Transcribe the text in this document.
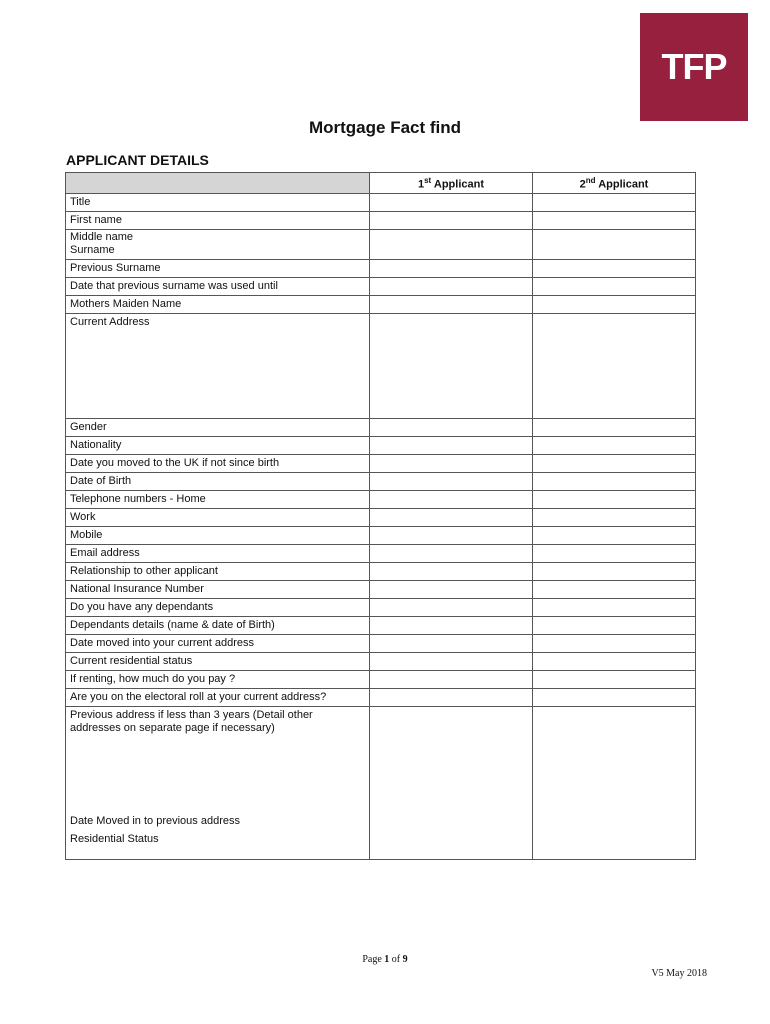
TFP
Mortgage Fact find
APPLICANT DETAILS
	1st Applicant	2nd Applicant
Title		
First name		

Middle name
Surname		

Previous Surname		
Date that previous surname was used until		
Mothers Maiden Name		
Current Address		
Gender		
Nationality		
Date you moved to the UK if not since birth		
Date of Birth		
Telephone numbers - Home		
Work		
Mobile		
Email address		
Relationship to other applicant		
National Insurance Number		
Do you have any dependants		
Dependants details (name & date of Birth)		
Date moved into your current address		
Current residential status		
If renting, how much do you pay ?		
Are you on the electoral roll at your current address?		

Previous address if less than 3 years (Detail other
addresses on separate page if necessary)
Date Moved in to previous address
Residential Status		

Page 1 of 9
V5 May 2018
